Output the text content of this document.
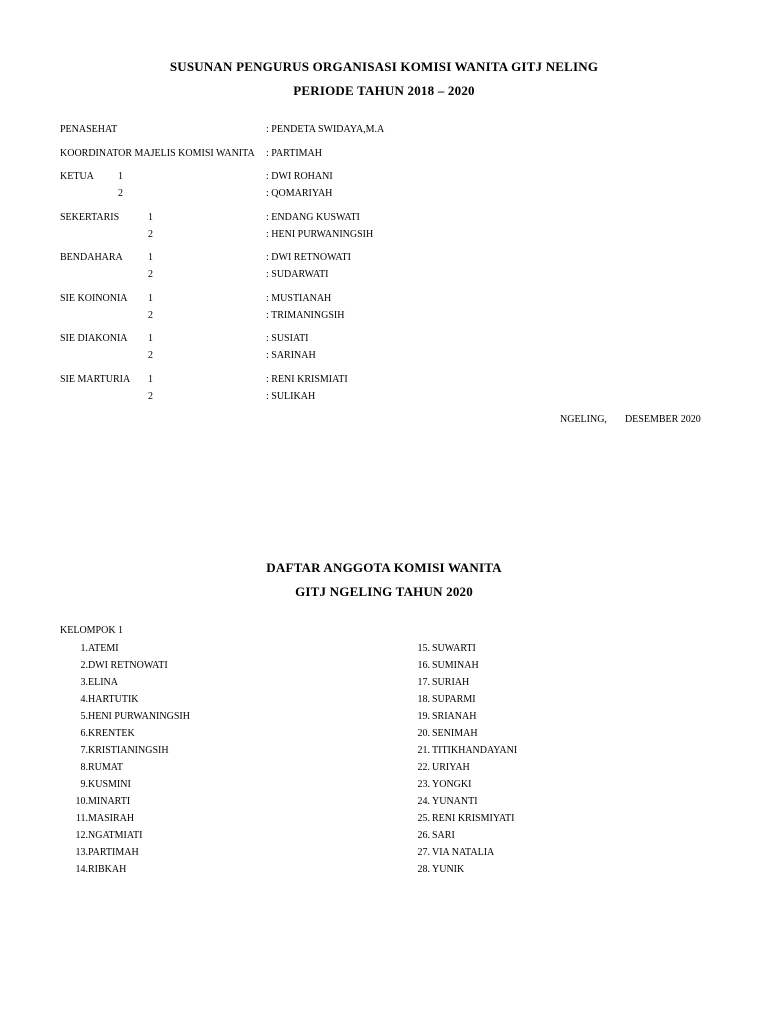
SUSUNAN PENGURUS ORGANISASI KOMISI WANITA GITJ NELING
PERIODE TAHUN 2018 – 2020
PENASEHAT	: PENDETA SWIDAYA,M.A
KOORDINATOR MAJELIS KOMISI WANITA : PARTIMAH
KETUA 1	: DWI ROHANI
2	: QOMARIYAH
SEKERTARIS	1	: ENDANG KUSWATI
2	: HENI PURWANINGSIH
BENDAHARA	1	: DWI RETNOWATI
2	: SUDARWATI
SIE KOINONIA 1	: MUSTIANAH
2	: TRIMANINGSIH
SIE DIAKONIA 1	: SUSIATI
2	: SARINAH
SIE MARTURIA 1	: RENI KRISMIATI
2	: SULIKAH
NGELING, DESEMBER 2020
DAFTAR ANGGOTA KOMISI WANITA
GITJ NGELING TAHUN 2020
KELOMPOK 1
1. ATEMI
2. DWI RETNOWATI
3. ELINA
4. HARTUTIK
5. HENI PURWANINGSIH
6. KRENTEK
7. KRISTIANINGSIH
8. RUMAT
9. KUSMINI
10. MINARTI
11. MASIRAH
12. NGATMIATI
13. PARTIMAH
14. RIBKAH
15. SUWARTI
16. SUMINAH
17. SURIAH
18. SUPARMI
19. SRIANAH
20. SENIMAH
21. TITIKHANDAYANI
22. URIYAH
23. YONGKI
24. YUNANTI
25. RENI KRISMIYATI
26. SARI
27. VIA NATALIA
28. YUNIK
